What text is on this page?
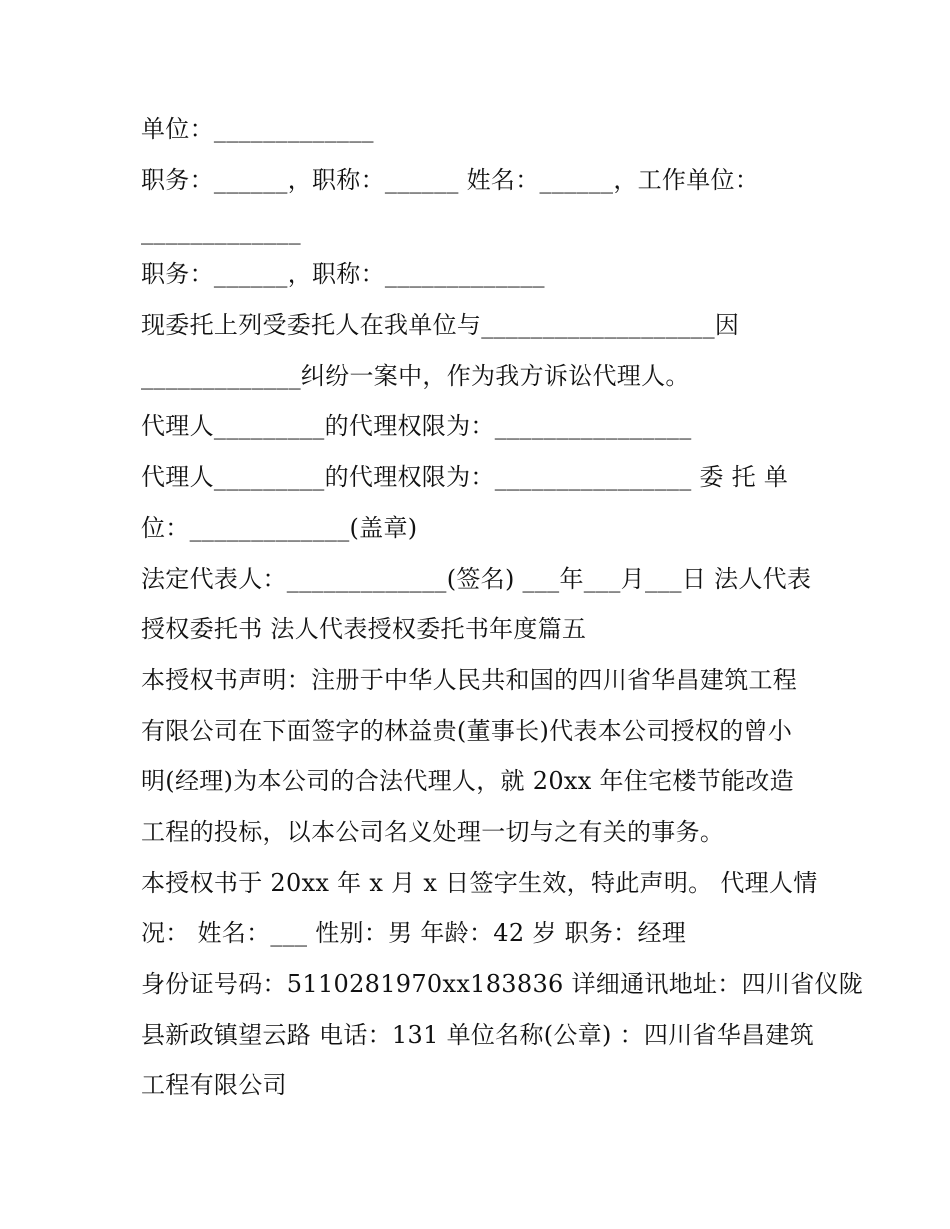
单位：_____________
职务：______，职称：______ 姓名：______，工作单位：
_____________
职务：______，职称：_____________
现委托上列受委托人在我单位与___________________因
_____________纠纷一案中，作为我方诉讼代理人。
代理人_________的代理权限为：________________
代理人_________的代理权限为：________________ 委 托 单
位：_____________(盖章)
法定代表人：_____________(签名) ___年___月___日 法人代表
授权委托书 法人代表授权委托书年度篇五
本授权书声明：注册于中华人民共和国的四川省华昌建筑工程
有限公司在下面签字的林益贵(董事长)代表本公司授权的曾小
明(经理)为本公司的合法代理人，就 20xx 年住宅楼节能改造
工程的投标，以本公司名义处理一切与之有关的事务。
本授权书于 20xx 年 x 月 x 日签字生效，特此声明。 代理人情
况： 姓名：___ 性别：男 年龄：42 岁 职务：经理
身份证号码：5110281970xx183836 详细通讯地址：四川省仪陇
县新政镇望云路 电话：131 单位名称(公章) ：四川省华昌建筑
工程有限公司
